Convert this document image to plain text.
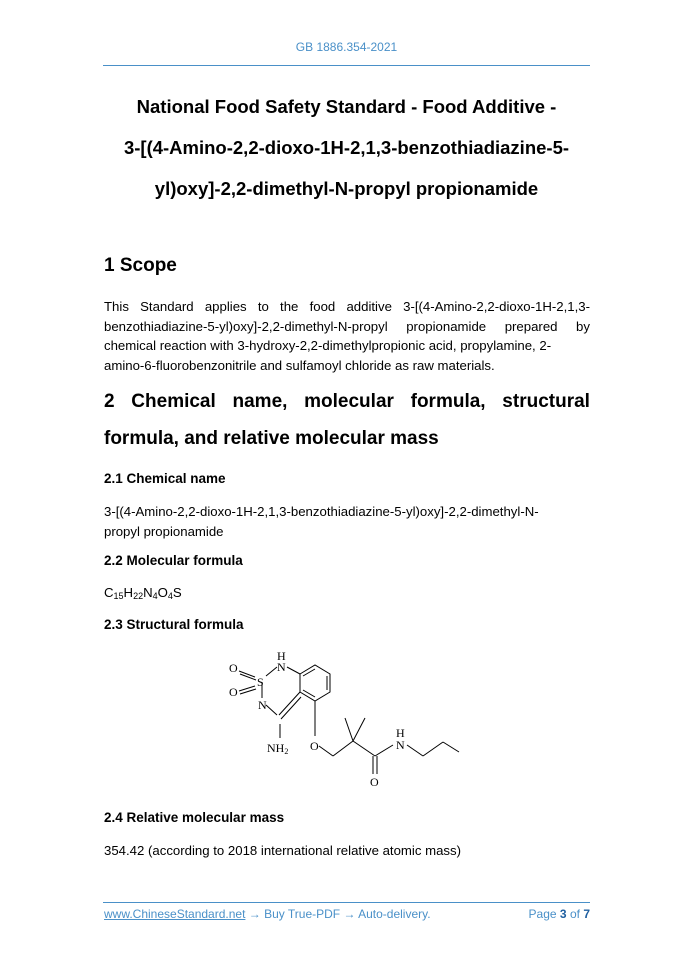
GB 1886.354-2021
National Food Safety Standard - Food Additive -
3-[(4-Amino-2,2-dioxo-1H-2,1,3-benzothiadiazine-5-
yl)oxy]-2,2-dimethyl-N-propyl propionamide
1 Scope
This Standard applies to the food additive 3-[(4-Amino-2,2-dioxo-1H-2,1,3-benzothiadiazine-5-yl)oxy]-2,2-dimethyl-N-propyl propionamide prepared by chemical reaction with 3-hydroxy-2,2-dimethylpropionic acid, propylamine, 2-
amino-6-fluorobenzonitrile and sulfamoyl chloride as raw materials.
2 Chemical name, molecular formula, structural
formula, and relative molecular mass
2.1 Chemical name
3-[(4-Amino-2,2-dioxo-1H-2,1,3-benzothiadiazine-5-yl)oxy]-2,2-dimethyl-N-
propyl propionamide
2.2 Molecular formula
$C_{15}H_{22}N_4O_4S$
2.3 Structural formula
H
N
O
S
O
N
NH2 O
H
N
O
2.4 Relative molecular mass
354.42 (according to 2018 international relative atomic mass)
www.ChineseStandard.net → Buy True-PDF → Auto-delivery.	Page 3 of 7
